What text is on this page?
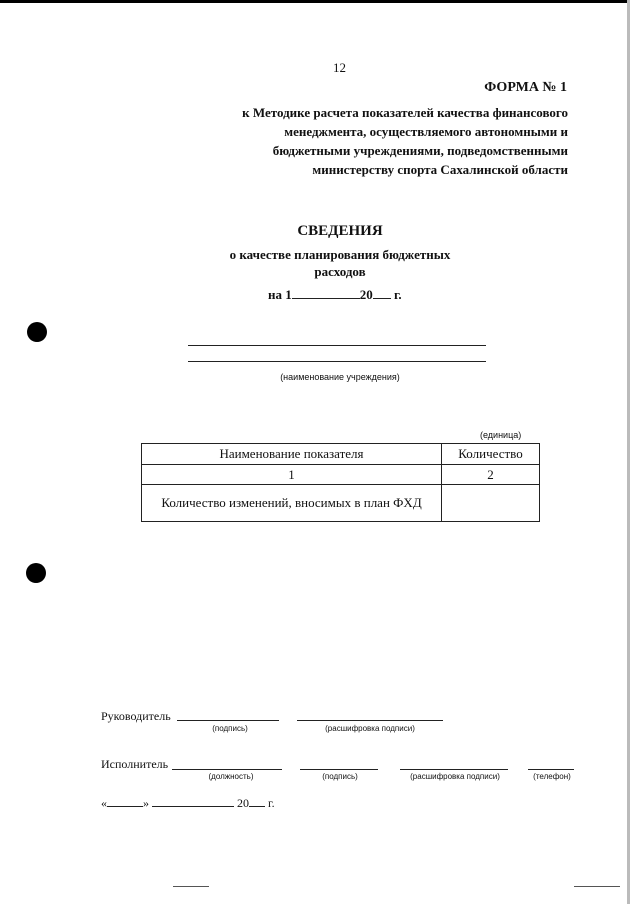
12
ФОРМА № 1
к Методике расчета показателей качества финансового
менеджмента, осуществляемого автономными и
бюджетными учреждениями, подведомственными
министерству спорта Сахалинской области
СВЕДЕНИЯ
о качестве планирования бюджетных
расходов
на 1	20 г.
(наименование учреждения)
(единица)
Наименование показателя	Количество
1	2
Количество изменений, вносимых в план ФХД	
Руководитель
(подпись)	(расшифровка подписи)
Исполнитель
(должность)	(подпись)	(расшифровка подписи)	(телефон)
«	»	20 г.
